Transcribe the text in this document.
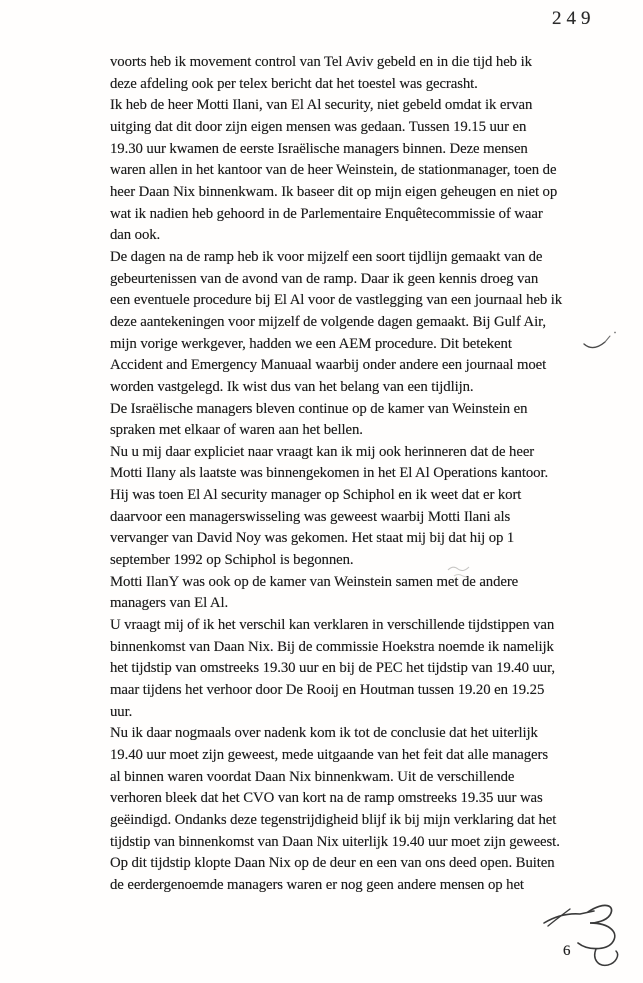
249
voorts heb ik movement control van Tel Aviv gebeld en in die tijd heb ik
deze afdeling ook per telex bericht dat het toestel was gecrasht.
Ik heb de heer Motti Ilani, van El Al security, niet gebeld omdat ik ervan
uitging dat dit door zijn eigen mensen was gedaan. Tussen 19.15 uur en
19.30 uur kwamen de eerste Israëlische managers binnen. Deze mensen
waren allen in het kantoor van de heer Weinstein, de stationmanager, toen de
heer Daan Nix binnenkwam. Ik baseer dit op mijn eigen geheugen en niet op
wat ik nadien heb gehoord in de Parlementaire Enquêtecommissie of waar
dan ook.
De dagen na de ramp heb ik voor mijzelf een soort tijdlijn gemaakt van de
gebeurtenissen van de avond van de ramp. Daar ik geen kennis droeg van
een eventuele procedure bij El Al voor de vastlegging van een journaal heb ik
deze aantekeningen voor mijzelf de volgende dagen gemaakt. Bij Gulf Air,
mijn vorige werkgever, hadden we een AEM procedure. Dit betekent
Accident and Emergency Manuaal waarbij onder andere een journaal moet
worden vastgelegd. Ik wist dus van het belang van een tijdlijn.
De Israëlische managers bleven continue op de kamer van Weinstein en
spraken met elkaar of waren aan het bellen.
Nu u mij daar expliciet naar vraagt kan ik mij ook herinneren dat de heer
Motti Ilany als laatste was binnengekomen in het El Al Operations kantoor.
Hij was toen El Al security manager op Schiphol en ik weet dat er kort
daarvoor een managerswisseling was geweest waarbij Motti Ilani als
vervanger van David Noy was gekomen. Het staat mij bij dat hij op 1
september 1992 op Schiphol is begonnen.
Motti IlanY was ook op de kamer van Weinstein samen met de andere
managers van El Al.
U vraagt mij of ik het verschil kan verklaren in verschillende tijdstippen van
binnenkomst van Daan Nix. Bij de commissie Hoekstra noemde ik namelijk
het tijdstip van omstreeks 19.30 uur en bij de PEC het tijdstip van 19.40 uur,
maar tijdens het verhoor door De Rooij en Houtman tussen 19.20 en 19.25
uur.
Nu ik daar nogmaals over nadenk kom ik tot de conclusie dat het uiterlijk
19.40 uur moet zijn geweest, mede uitgaande van het feit dat alle managers
al binnen waren voordat Daan Nix binnenkwam. Uit de verschillende
verhoren bleek dat het CVO van kort na de ramp omstreeks 19.35 uur was
geëindigd. Ondanks deze tegenstrijdigheid blijf ik bij mijn verklaring dat het
tijdstip van binnenkomst van Daan Nix uiterlijk 19.40 uur moet zijn geweest.
Op dit tijdstip klopte Daan Nix op de deur en een van ons deed open. Buiten
de eerdergenoemde managers waren er nog geen andere mensen op het
6
